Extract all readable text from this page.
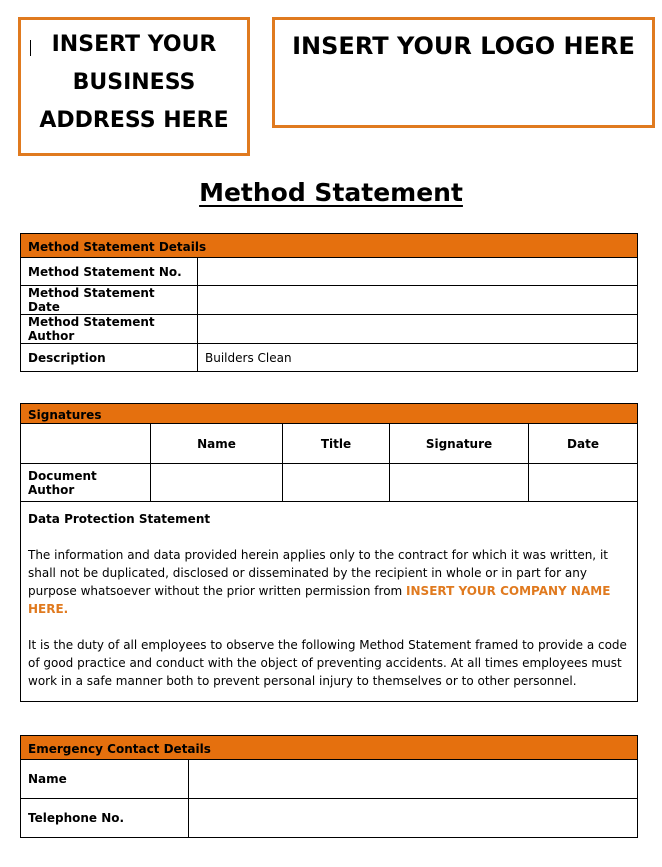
INSERT YOUR
BUSINESS
ADDRESS HERE
INSERT YOUR LOGO HERE
Method Statement
Method Statement Details	
Method Statement No.	
Method Statement Date	
Method Statement Author	
Description	Builders Clean
Signatures				
	Name	Title	Signature	Date
Document Author				

Data Protection Statement

The information and data provided herein applies only to the contract for which it was written, it shall not be duplicated, disclosed or disseminated by the recipient in whole or in part for any purpose whatsoever without the prior written permission from INSERT YOUR COMPANY NAME HERE.

It is the duty of all employees to observe the following Method Statement framed to provide a code of good practice and conduct with the object of preventing accidents. At all times employees must work in a safe manner both to prevent personal injury to themselves or to other personnel.				

Emergency Contact Details	
Name	
Telephone No.	
